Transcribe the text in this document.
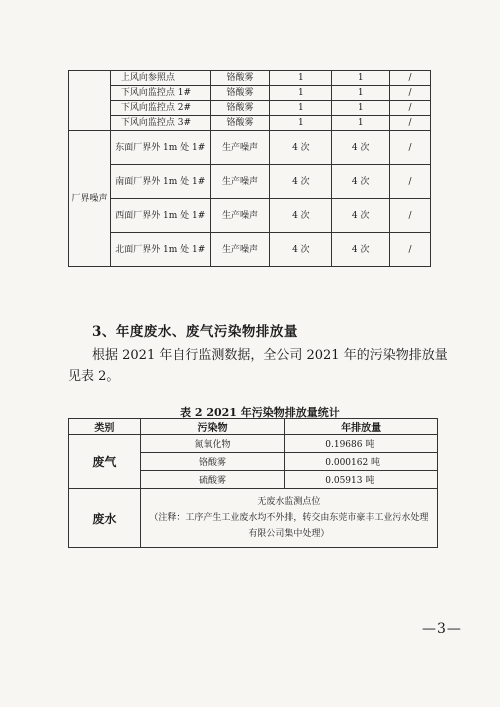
	上风向参照点	铬酸雾	1	1	/
	下风向监控点 1#	铬酸雾	1	1	/
	下风向监控点 2#	铬酸雾	1	1	/
	下风向监控点 3#	铬酸雾	1	1	/
厂界噪声	东面厂界外 1m 处 1#	生产噪声	4 次	4 次	/
	南面厂界外 1m 处 1#	生产噪声	4 次	4 次	/
	西面厂界外 1m 处 1#	生产噪声	4 次	4 次	/
	北面厂界外 1m 处 1#	生产噪声	4 次	4 次	/
3、年度废水、废气污染物排放量
根据 2021 年自行监测数据，全公司 2021 年的污染物排放量
见表 2。
表 2 2021 年污染物排放量统计
类别	污染物	年排放量
废气	氮氧化物	0.19686 吨
	铬酸雾	0.000162 吨
	硫酸雾	0.05913 吨
废水	无废水监测点位
（注释：工序产生工业废水均不外排，转交由东莞市豪丰工业污水处理有限公司集中处理）	
—3—
